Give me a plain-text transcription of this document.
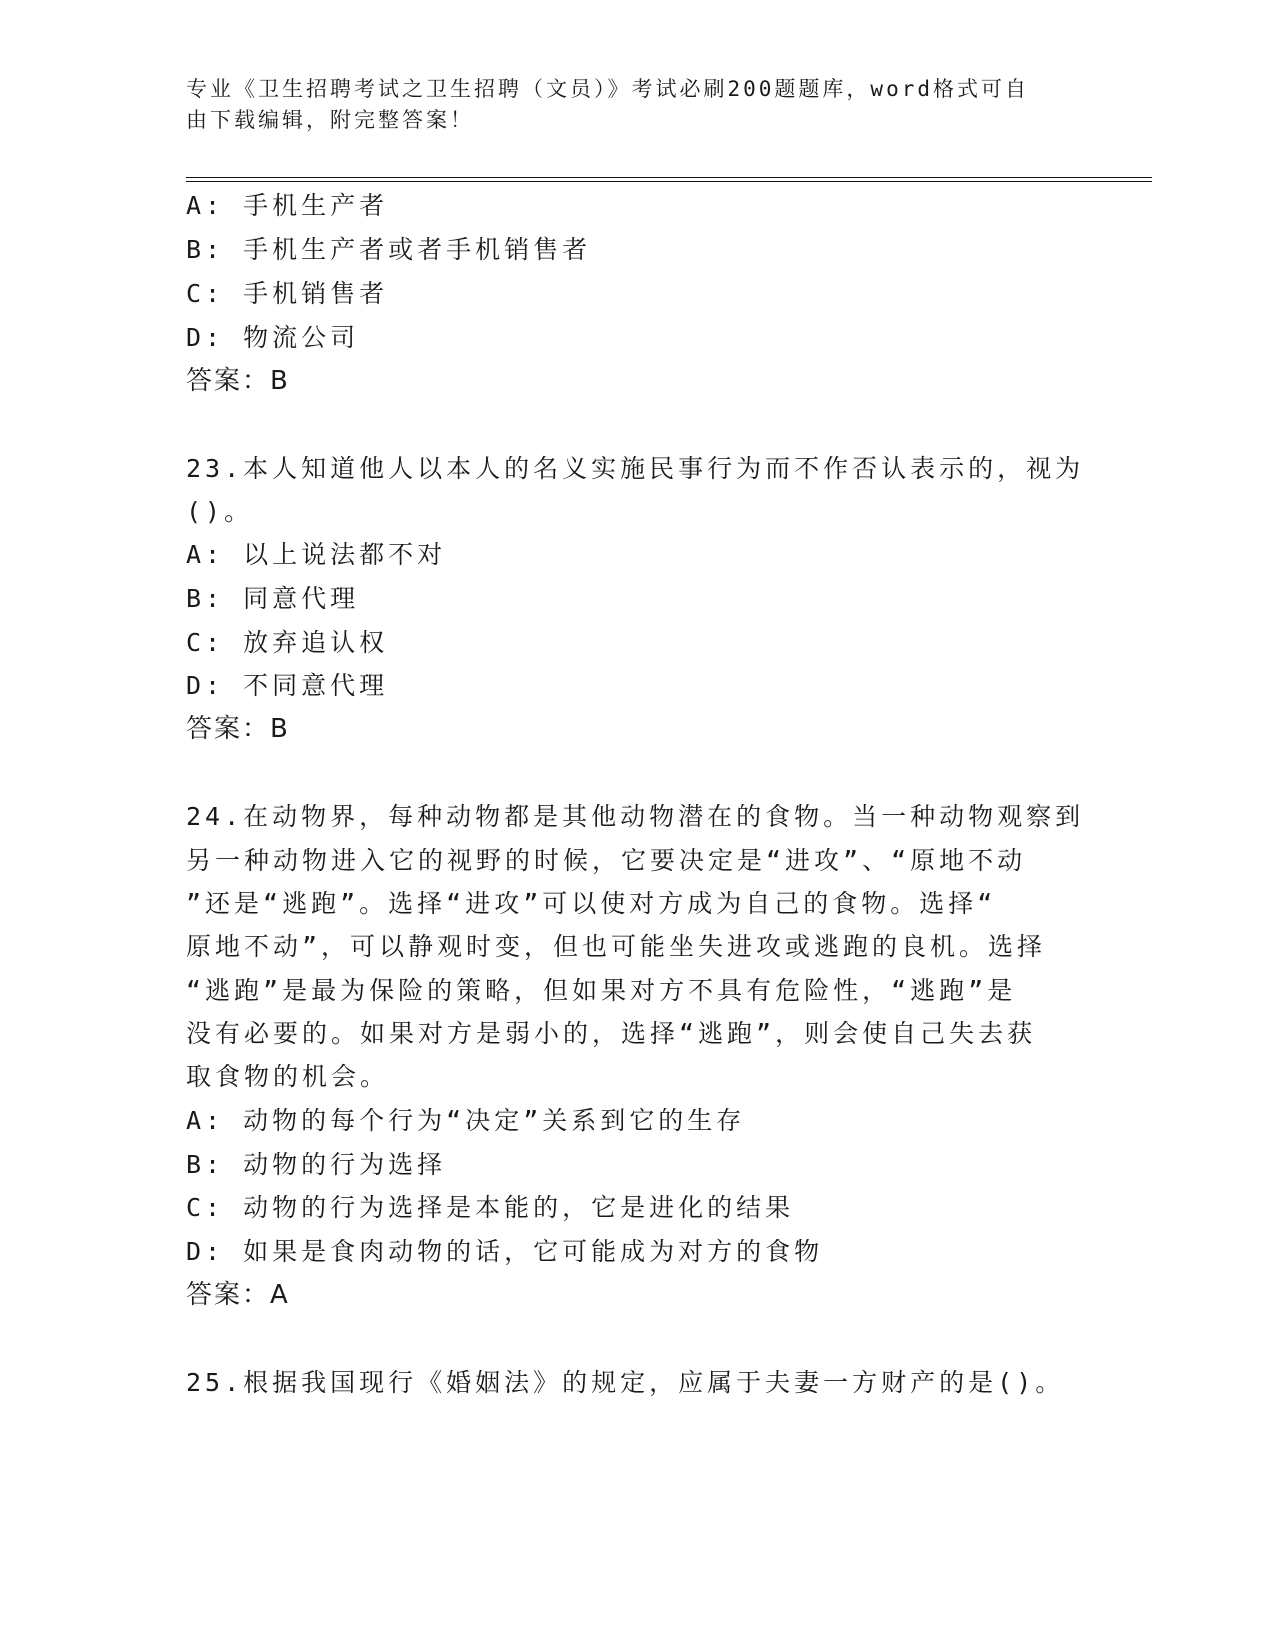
专业《卫生招聘考试之卫生招聘（文员）》考试必刷200题题库，word格式可自
由下载编辑，附完整答案！
A: 手机生产者
B: 手机生产者或者手机销售者
C: 手机销售者
D: 物流公司
答案：B
23.本人知道他人以本人的名义实施民事行为而不作否认表示的，视为
()。
A: 以上说法都不对
B: 同意代理
C: 放弃追认权
D: 不同意代理
答案：B
24.在动物界，每种动物都是其他动物潜在的食物。当一种动物观察到
另一种动物进入它的视野的时候，它要决定是“进攻”、“原地不动
”还是“逃跑”。选择“进攻”可以使对方成为自己的食物。选择“
原地不动”，可以静观时变，但也可能坐失进攻或逃跑的良机。选择
“逃跑”是最为保险的策略，但如果对方不具有危险性，“逃跑”是
没有必要的。如果对方是弱小的，选择“逃跑”，则会使自己失去获
取食物的机会。
A: 动物的每个行为“决定”关系到它的生存
B: 动物的行为选择
C: 动物的行为选择是本能的，它是进化的结果
D: 如果是食肉动物的话，它可能成为对方的食物
答案：A
25.根据我国现行《婚姻法》的规定，应属于夫妻一方财产的是()。
